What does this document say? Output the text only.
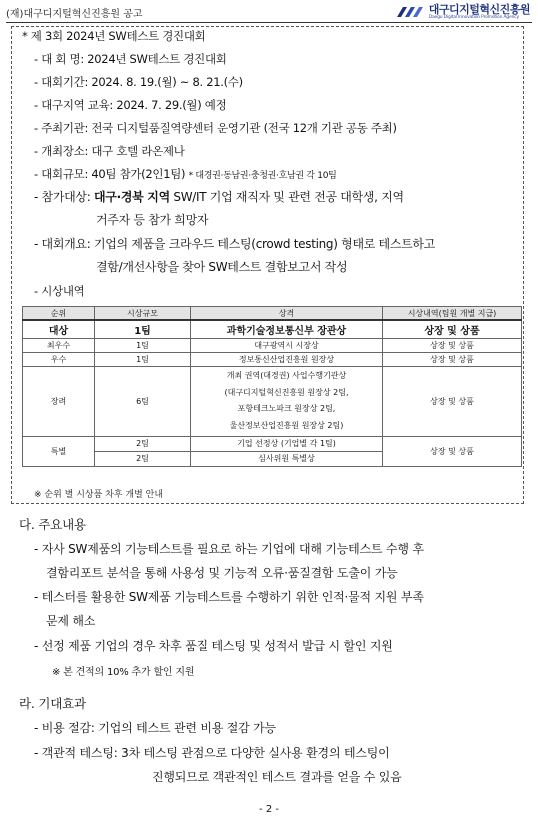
(재)대구디지털혁신진흥원 공고	대구디지털혁신진흥원
Daegu Digital Innovation Promotion Agency
* 제 3회 2024년 SW테스트 경진대회
- 대 회 명: 2024년 SW테스트 경진대회
- 대회기간: 2024. 8. 19.(월) ~ 8. 21.(수)
- 대구지역 교육: 2024. 7. 29.(월) 예정
- 주최기관: 전국 디지털품질역량센터 운영기관 (전국 12개 기관 공동 주최)
- 개최장소: 대구 호텔 라온제나
- 대회규모: 40팀 참가(2인1팀) * 대경권·동남권·충청권·호남권 각 10팀
- 참가대상: 대구·경북 지역 SW/IT 기업 재직자 및 관련 전공 대학생, 지역
거주자 등 참가 희망자
- 대회개요: 기업의 제품을 크라우드 테스팅(crowd testing) 형태로 테스트하고
결함/개선사항을 찾아 SW테스트 결함보고서 작성
- 시상내역
순위	시상규모	상격	시상내역(팀원 개별 지급)
대상	1팀	과학기술정보통신부 장관상	상장 및 상품
최우수	1팀	대구광역시 시장상	상장 및 상품
우수	1팀	정보통신산업진흥원 원장상	상장 및 상품
장려	6팀	개최 권역(대경권) 사업수행기관상
(대구디지털혁신진흥원 원장상 2팀,
포항테크노파크 원장상 2팀,
울산정보산업진흥원 원장상 2팀)	상장 및 상품
특별	2팀	기업 선정상 (기업별 각 1팀)	상장 및 상품
	2팀	심사위원 특별상	
※ 순위 별 시상품 차후 개별 안내
다. 주요내용
- 자사 SW제품의 기능테스트를 필요로 하는 기업에 대해 기능테스트 수행 후
결함리포트 분석을 통해 사용성 및 기능적 오류·품질결함 도출이 가능
- 테스터를 활용한 SW제품 기능테스트를 수행하기 위한 인적·물적 지원 부족
문제 해소
- 선정 제품 기업의 경우 차후 품질 테스팅 및 성적서 발급 시 할인 지원
※ 본 견적의 10% 추가 할인 지원
라. 기대효과
- 비용 절감: 기업의 테스트 관련 비용 절감 가능
- 객관적 테스팅: 3차 테스팅 관점으로 다양한 실사용 환경의 테스팅이
진행되므로 객관적인 테스트 결과를 얻을 수 있음
- 2 -
